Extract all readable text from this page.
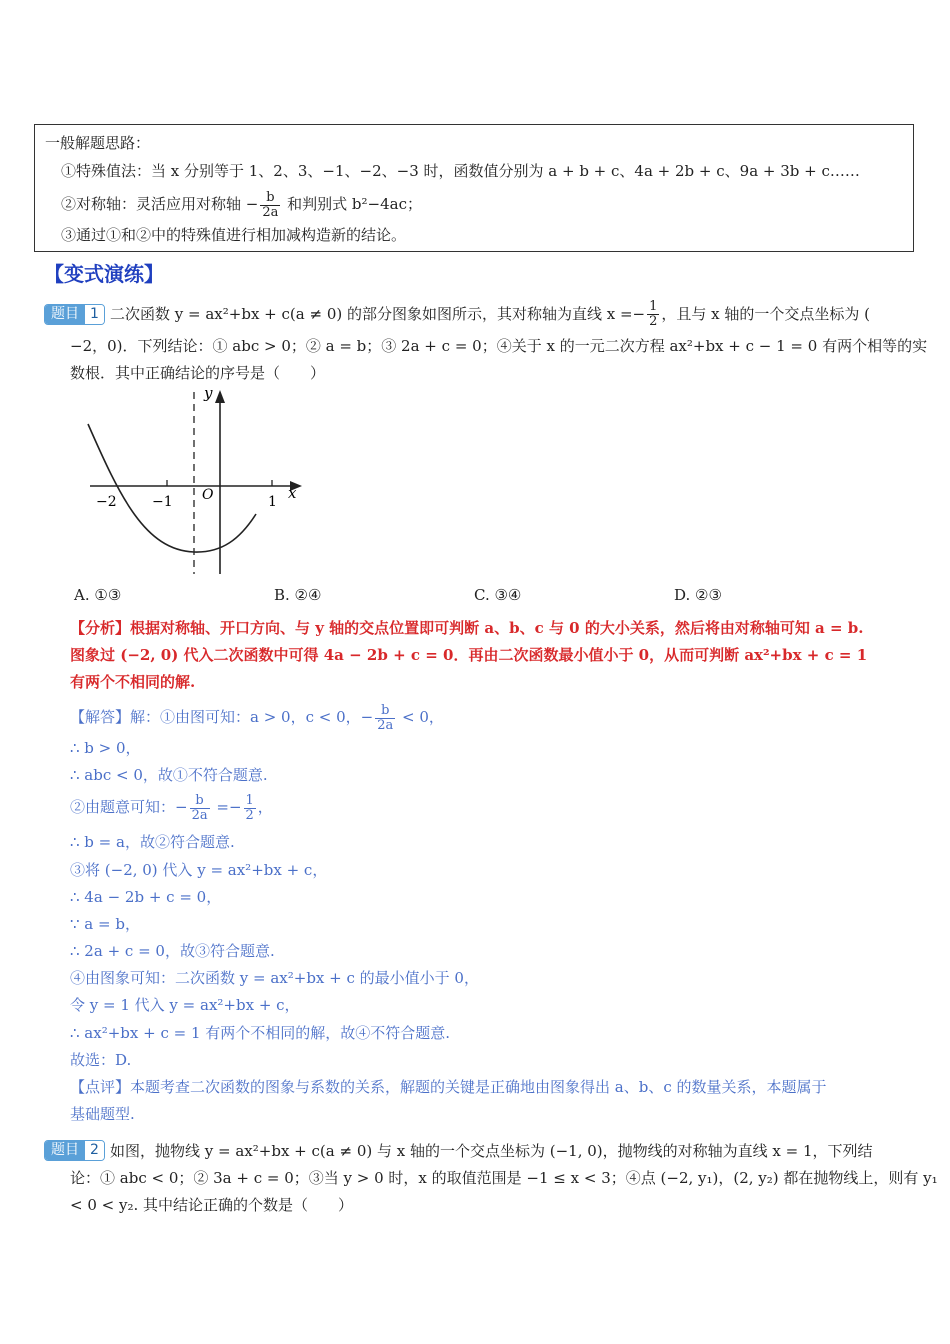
一般解题思路：
①特殊值法：当 x 分别等于 1、2、3、−1、−2、−3 时，函数值分别为 a + b + c、4a + 2b + c、9a + 3b + c……
②对称轴：灵活应用对称轴 − $\frac{b}{2a}$ 和判别式 b²−4ac；
③通过①和②中的特殊值进行相加减构造新的结论。
【变式演练】
题目 1 二次函数 y = ax²+bx + c(a ≠ 0) 的部分图象如图所示，其对称轴为直线 $x =- \frac{1}{2}$ ，且与 x 轴的一个交点坐标为 (
−2，0)．下列结论：① abc > 0；② a = b；③ 2a + c = 0；④关于 x 的一元二次方程 ax²+bx + c − 1 = 0 有两个相等的实
数根．其中正确结论的序号是（　　）
x
y
O
−2	−1	1
A. ①③	B. ②④	C. ③④	D. ②③
【分析】根据对称轴、开口方向、与 y 轴的交点位置即可判断 a、b、c 与 0 的大小关系，然后将由对称轴可知 a = b.
图象过 (−2, 0) 代入二次函数中可得 4a − 2b + c = 0．再由二次函数最小值小于 0，从而可判断 ax²+bx + c = 1
有两个不相同的解.
【解答】解：①由图可知：a > 0，c < 0，− $\frac{b}{2a} < 0$，
∴ b > 0，
∴ abc < 0，故①不符合题意.
②由题意可知：− $\frac{b}{2a} =- \frac{1}{2}$ ，
∴ b = a，故②符合题意.
③将 (−2, 0) 代入 y = ax²+bx + c，
∴ 4a − 2b + c = 0，
∵ a = b，
∴ 2a + c = 0，故③符合题意.
④由图象可知：二次函数 y = ax²+bx + c 的最小值小于 0，
令 y = 1 代入 y = ax²+bx + c，
∴ ax²+bx + c = 1 有两个不相同的解，故④不符合题意.
故选：D.
【点评】本题考查二次函数的图象与系数的关系，解题的关键是正确地由图象得出 a、b、c 的数量关系，本题属于
基础题型.
题目 2 如图，抛物线 y = ax²+bx + c(a ≠ 0) 与 x 轴的一个交点坐标为 (−1, 0)，抛物线的对称轴为直线 x = 1，下列结
论：① abc < 0；② 3a + c = 0；③当 y > 0 时，x 的取值范围是 −1 ≤ x < 3；④点 (−2, y₁)，(2, y₂) 都在抛物线上，则有 y₁
< 0 < y₂. 其中结论正确的个数是（　　）
